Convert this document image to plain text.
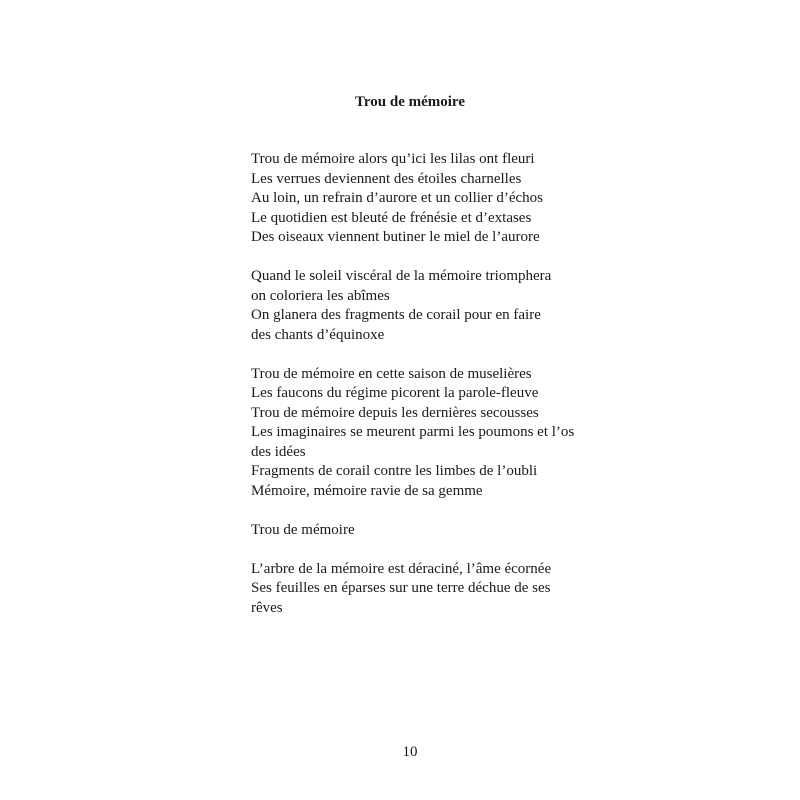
Trou de mémoire
Trou de mémoire alors qu’ici les lilas ont fleuri
Les verrues deviennent des étoiles charnelles
Au loin, un refrain d’aurore et un collier d’échos
Le quotidien est bleuté de frénésie et d’extases
Des oiseaux viennent butiner le miel de l’aurore
Quand le soleil viscéral de la mémoire triomphera
on coloriera les abîmes
On glanera des fragments de corail pour en faire
des chants d’équinoxe
Trou de mémoire en cette saison de muselières
Les faucons du régime picorent la parole-fleuve
Trou de mémoire depuis les dernières secousses
Les imaginaires se meurent parmi les poumons et l’os
des idées
Fragments de corail contre les limbes de l’oubli
Mémoire, mémoire ravie de sa gemme
Trou de mémoire
L’arbre de la mémoire est déraciné, l’âme écornée
Ses feuilles en éparses sur une terre déchue de ses
rêves
10
